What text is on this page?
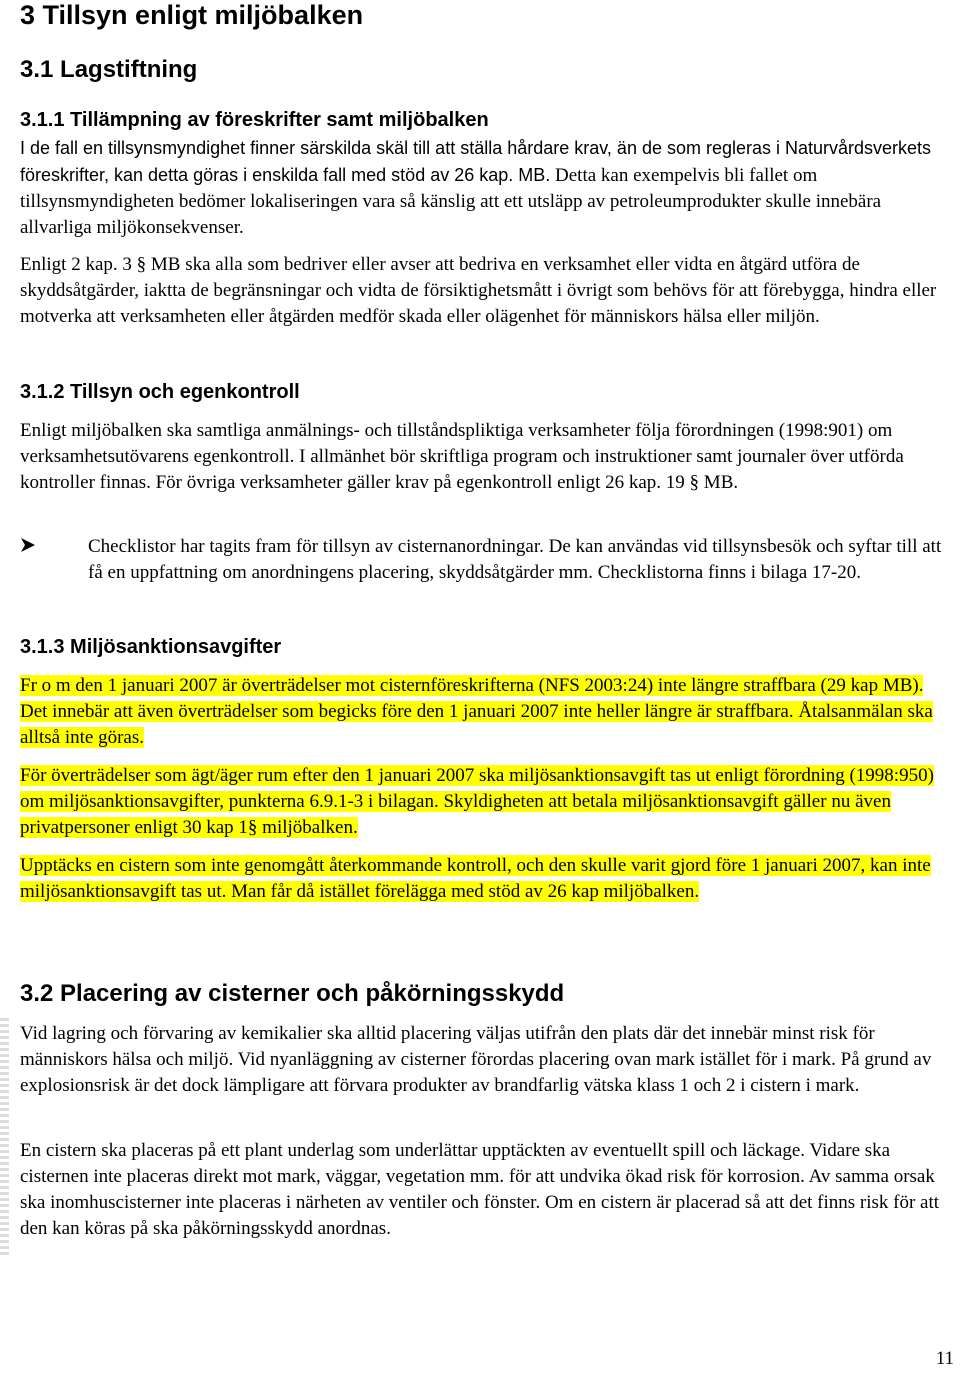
3 Tillsyn enligt miljöbalken
3.1 Lagstiftning
3.1.1 Tillämpning av föreskrifter samt miljöbalken
I de fall en tillsynsmyndighet finner särskilda skäl till att ställa hårdare krav, än de som regleras i Naturvårdsverkets föreskrifter, kan detta göras i enskilda fall med stöd av 26 kap. MB. Detta kan exempelvis bli fallet om tillsynsmyndigheten bedömer lokaliseringen vara så känslig att ett utsläpp av petroleumprodukter skulle innebära allvarliga miljökonsekvenser.
Enligt 2 kap. 3 § MB ska alla som bedriver eller avser att bedriva en verksamhet eller vidta en åtgärd utföra de skyddsåtgärder, iaktta de begränsningar och vidta de försiktighetsmått i övrigt som behövs för att förebygga, hindra eller motverka att verksamheten eller åtgärden medför skada eller olägenhet för människors hälsa eller miljön.
3.1.2 Tillsyn och egenkontroll
Enligt miljöbalken ska samtliga anmälnings- och tillståndspliktiga verksamheter följa förordningen (1998:901) om verksamhetsutövarens egenkontroll. I allmänhet bör skriftliga program och instruktioner samt journaler över utförda kontroller finnas. För övriga verksamheter gäller krav på egenkontroll enligt 26 kap. 19 § MB.
Checklistor har tagits fram för tillsyn av cisternanordningar. De kan användas vid tillsynsbesök och syftar till att få en uppfattning om anordningens placering, skyddsåtgärder mm. Checklistorna finns i bilaga 17-20.
3.1.3 Miljösanktionsavgifter
Fr o m den 1 januari 2007 är överträdelser mot cisternföreskrifterna (NFS 2003:24) inte längre straffbara (29 kap MB). Det innebär att även överträdelser som begicks före den 1 januari 2007 inte heller längre är straffbara. Åtalsanmälan ska alltså inte göras.
För överträdelser som ägt/äger rum efter den 1 januari 2007 ska miljösanktionsavgift tas ut enligt förordning (1998:950) om miljösanktionsavgifter, punkterna 6.9.1-3 i bilagan. Skyldigheten att betala miljösanktionsavgift gäller nu även privatpersoner enligt 30 kap 1§ miljöbalken.
Upptäcks en cistern som inte genomgått återkommande kontroll, och den skulle varit gjord före 1 januari 2007, kan inte miljösanktionsavgift tas ut. Man får då istället förelägga med stöd av 26 kap miljöbalken.
3.2 Placering av cisterner och påkörningsskydd
Vid lagring och förvaring av kemikalier ska alltid placering väljas utifrån den plats där det innebär minst risk för människors hälsa och miljö. Vid nyanläggning av cisterner förordas placering ovan mark istället för i mark. På grund av explosionsrisk är det dock lämpligare att förvara produkter av brandfarlig vätska klass 1 och 2 i cistern i mark.
En cistern ska placeras på ett plant underlag som underlättar upptäckten av eventuellt spill och läckage. Vidare ska cisternen inte placeras direkt mot mark, väggar, vegetation mm. för att undvika ökad risk för korrosion. Av samma orsak ska inomhuscisterner inte placeras i närheten av ventiler och fönster. Om en cistern är placerad så att det finns risk för att den kan köras på ska påkörningsskydd anordnas.
11
